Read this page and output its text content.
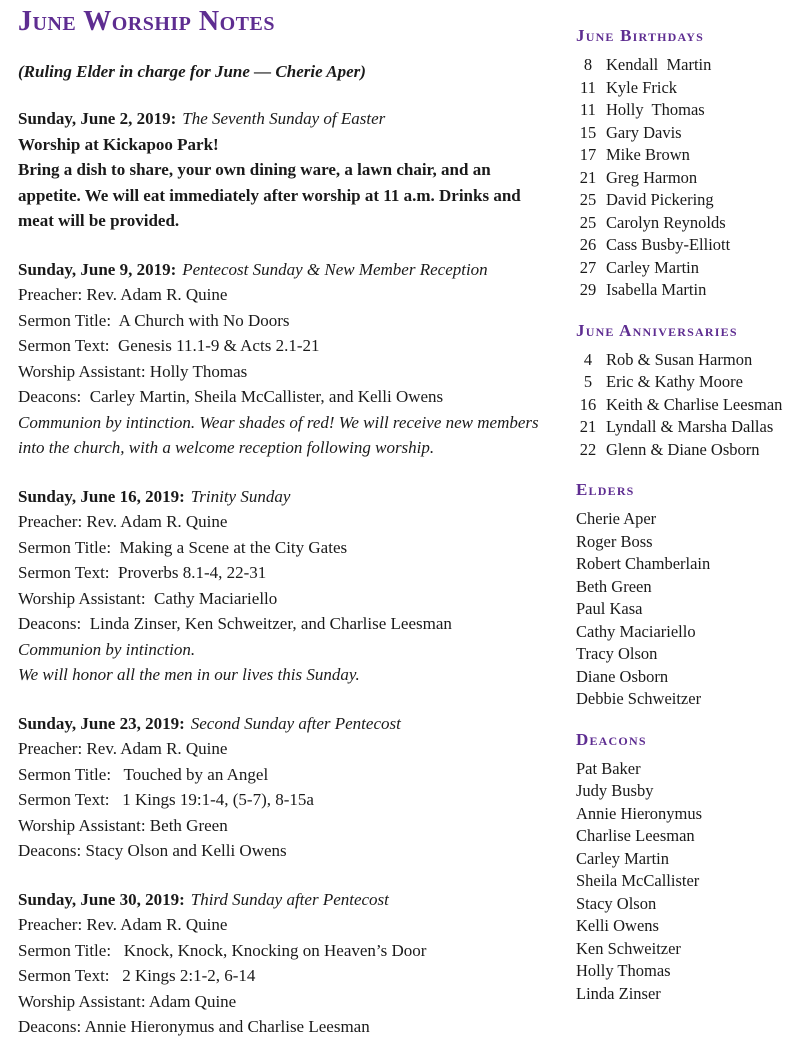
June Worship Notes

(Ruling Elder in charge for June — Cherie Aper)

Sunday, June 2, 2019: The Seventh Sunday of Easter

Worship at Kickapoo Park!

Bring a dish to share, your own dining ware, a lawn chair, and an appetite. We will eat immediately after worship at 11 a.m. Drinks and meat will be provided.

Sunday, June 9, 2019: Pentecost Sunday & New Member Reception

Preacher: Rev. Adam R. Quine

Sermon Title:  A Church with No Doors

Sermon Text:  Genesis 11.1-9 & Acts 2.1-21

Worship Assistant: Holly Thomas

Deacons:  Carley Martin, Sheila McCallister, and Kelli Owens

Communion by intinction. Wear shades of red! We will receive new members into the church, with a welcome reception following worship.

Sunday, June 16, 2019: Trinity Sunday

Preacher: Rev. Adam R. Quine

Sermon Title:  Making a Scene at the City Gates

Sermon Text:  Proverbs 8.1-4, 22-31

Worship Assistant:  Cathy Maciariello

Deacons:  Linda Zinser, Ken Schweitzer, and Charlise Leesman

Communion by intinction.

We will honor all the men in our lives this Sunday.

Sunday, June 23, 2019: Second Sunday after Pentecost

Preacher: Rev. Adam R. Quine

Sermon Title:   Touched by an Angel

Sermon Text:   1 Kings 19:1-4, (5-7), 8-15a

Worship Assistant: Beth Green

Deacons: Stacy Olson and Kelli Owens

Sunday, June 30, 2019: Third Sunday after Pentecost

Preacher: Rev. Adam R. Quine

Sermon Title:   Knock, Knock, Knocking on Heaven’s Door

Sermon Text:   2 Kings 2:1-2, 6-14

Worship Assistant: Adam Quine

Deacons: Annie Hieronymus and Charlise Leesman

June Birthdays

8 Kendall  Martin

11 Kyle Frick

11 Holly  Thomas

15 Gary Davis

17 Mike Brown

21 Greg Harmon

25 David Pickering

25 Carolyn Reynolds

26 Cass Busby-Elliott

27 Carley Martin

29 Isabella Martin

June Anniversaries

4 Rob & Susan Harmon

5 Eric & Kathy Moore

16 Keith & Charlise Leesman

21 Lyndall & Marsha Dallas

22 Glenn & Diane Osborn

Elders

Cherie Aper

Roger Boss

Robert Chamberlain

Beth Green

Paul Kasa

Cathy Maciariello

Tracy Olson

Diane Osborn

Debbie Schweitzer

Deacons

Pat Baker

Judy Busby

Annie Hieronymus

Charlise Leesman

Carley Martin

Sheila McCallister

Stacy Olson

Kelli Owens

Ken Schweitzer

Holly Thomas

Linda Zinser
